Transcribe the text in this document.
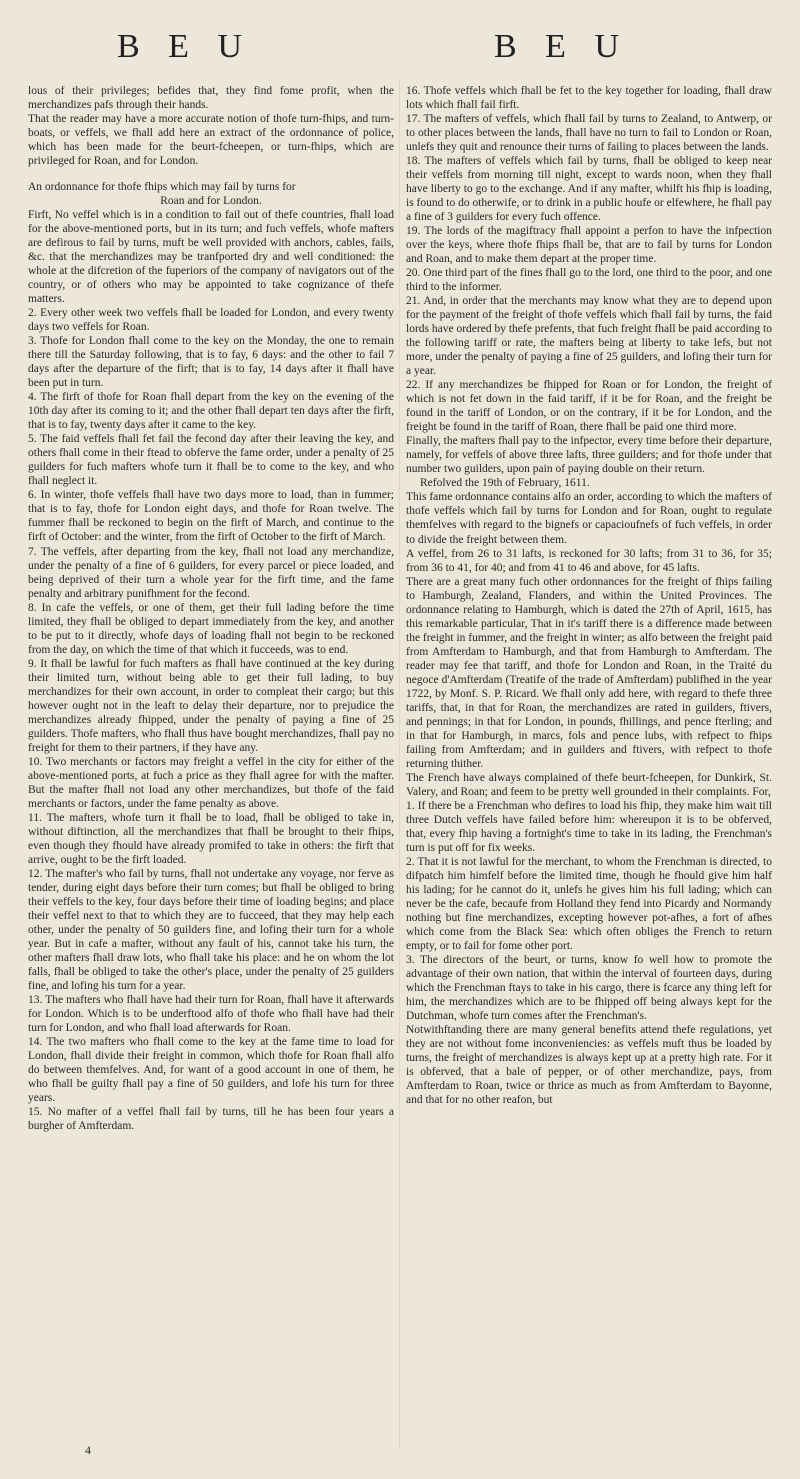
B E U	B E U

lous of their privileges; befides that, they find fome profit, when the merchandizes pafs through their hands.

That the reader may have a more accurate notion of thofe turn-fhips, and turn-boats, or veffels, we fhall add here an extract of the ordonnance of police, which has been made for the beurt-fcheepen, or turn-fhips, which are privileged for Roan, and for London.

An ordonnance for thofe fhips which may fail by turns for

Roan and for London.

Firft, No veffel which is in a condition to fail out of thefe countries, fhall load for the above-mentioned ports, but in its turn; and fuch veffels, whofe mafters are defirous to fail by turns, muft be well provided with anchors, cables, fails, &c. that the merchandizes may be tranfported dry and well conditioned: the whole at the difcretion of the fuperiors of the company of navigators out of the country, or of others who may be appointed to take cognizance of thefe matters.

2. Every other week two veffels fhall be loaded for London, and every twenty days two veffels for Roan.

3. Thofe for London fhall come to the key on the Monday, the one to remain there till the Saturday following, that is to fay, 6 days: and the other to fail 7 days after the departure of the firft; that is to fay, 14 days after it fhall have been put in turn.

4. The firft of thofe for Roan fhall depart from the key on the evening of the 10th day after its coming to it; and the other fhall depart ten days after the firft, that is to fay, twenty days after it came to the key.

5. The faid veffels fhall fet fail the fecond day after their leaving the key, and others fhall come in their ftead to obferve the fame order, under a penalty of 25 guilders for fuch mafters whofe turn it fhall be to come to the key, and who fhall neglect it.

6. In winter, thofe veffels fhall have two days more to load, than in fummer; that is to fay, thofe for London eight days, and thofe for Roan twelve. The fummer fhall be reckoned to begin on the firft of March, and continue to the firft of October: and the winter, from the firft of October to the firft of March.

7. The veffels, after departing from the key, fhall not load any merchandize, under the penalty of a fine of 6 guilders, for every parcel or piece loaded, and being deprived of their turn a whole year for the firft time, and the fame penalty and arbitrary punifhment for the fecond.

8. In cafe the veffels, or one of them, get their full lading before the time limited, they fhall be obliged to depart immediately from the key, and another to be put to it directly, whofe days of loading fhall not begin to be reckoned from the day, on which the time of that which it fucceeds, was to end.

9. It fhall be lawful for fuch mafters as fhall have continued at the key during their limited turn, without being able to get their full lading, to buy merchandizes for their own account, in order to compleat their cargo; but this however ought not in the leaft to delay their departure, nor to prejudice the merchandizes already fhipped, under the penalty of paying a fine of 25 guilders. Thofe mafters, who fhall thus have bought merchandizes, fhall pay no freight for them to their partners, if they have any.

10. Two merchants or factors may freight a veffel in the city for either of the above-mentioned ports, at fuch a price as they fhall agree for with the mafter. But the mafter fhall not load any other merchandizes, but thofe of the faid merchants or factors, under the fame penalty as above.

11. The mafters, whofe turn it fhall be to load, fhall be obliged to take in, without diftinction, all the merchandizes that fhall be brought to their fhips, even though they fhould have already promifed to take in others: the firft that arrive, ought to be the firft loaded.

12. The mafter's who fail by turns, fhall not undertake any voyage, nor ferve as tender, during eight days before their turn comes; but fhall be obliged to bring their veffels to the key, four days before their time of loading begins; and place their veffel next to that to which they are to fucceed, that they may help each other, under the penalty of 50 guilders fine, and lofing their turn for a whole year. But in cafe a mafter, without any fault of his, cannot take his turn, the other mafters fhall draw lots, who fhall take his place: and he on whom the lot falls, fhall be obliged to take the other's place, under the penalty of 25 guilders fine, and lofing his turn for a year.

13. The mafters who fhall have had their turn for Roan, fhall have it afterwards for London. Which is to be underftood alfo of thofe who fhall have had their turn for London, and who fhall load afterwards for Roan.

14. The two mafters who fhall come to the key at the fame time to load for London, fhall divide their freight in common, which thofe for Roan fhall alfo do between themfelves. And, for want of a good account in one of them, he who fhall be guilty fhall pay a fine of 50 guilders, and lofe his turn for three years.

15. No mafter of a veffel fhall fail by turns, till he has been four years a burgher of Amfterdam.

16. Thofe veffels which fhall be fet to the key together for loading, fhall draw lots which fhall fail firft.

17. The mafters of veffels, which fhall fail by turns to Zealand, to Antwerp, or to other places between the lands, fhall have no turn to fail to London or Roan, unlefs they quit and renounce their turns of failing to places between the lands.

18. The mafters of veffels which fail by turns, fhall be obliged to keep near their veffels from morning till night, except to wards noon, when they fhall have liberty to go to the exchange. And if any mafter, whilft his fhip is loading, is found to do otherwife, or to drink in a public houfe or elfewhere, he fhall pay a fine of 3 guilders for every fuch offence.

19. The lords of the magiftracy fhall appoint a perfon to have the infpection over the keys, where thofe fhips fhall be, that are to fail by turns for London and Roan, and to make them depart at the proper time.

20. One third part of the fines fhall go to the lord, one third to the poor, and one third to the informer.

21. And, in order that the merchants may know what they are to depend upon for the payment of the freight of thofe veffels which fhall fail by turns, the faid lords have ordered by thefe prefents, that fuch freight fhall be paid according to the following tariff or rate, the mafters being at liberty to take lefs, but not more, under the penalty of paying a fine of 25 guilders, and lofing their turn for a year.

22. If any merchandizes be fhipped for Roan or for London, the freight of which is not fet down in the faid tariff, if it be for Roan, and the freight be found in the tariff of London, or on the contrary, if it be for London, and the freight be found in the tariff of Roan, there fhall be paid one third more.

Finally, the mafters fhall pay to the infpector, every time before their departure, namely, for veffels of above three lafts, three guilders; and for thofe under that number two guilders, upon pain of paying double on their return.

Refolved the 19th of February, 1611.

This fame ordonnance contains alfo an order, according to which the mafters of thofe veffels which fail by turns for London and for Roan, ought to regulate themfelves with regard to the bignefs or capacioufnefs of fuch veffels, in order to divide the freight between them.

A veffel, from 26 to 31 lafts, is reckoned for 30 lafts; from 31 to 36, for 35; from 36 to 41, for 40; and from 41 to 46 and above, for 45 lafts.

There are a great many fuch other ordonnances for the freight of fhips failing to Hamburgh, Zealand, Flanders, and within the United Provinces. The ordonnance relating to Hamburgh, which is dated the 27th of April, 1615, has this remarkable particular, That in it's tariff there is a difference made between the freight in fummer, and the freight in winter; as alfo between the freight paid from Amfterdam to Hamburgh, and that from Hamburgh to Amfterdam. The reader may fee that tariff, and thofe for London and Roan, in the Traité du negoce d'Amfterdam (Treatife of the trade of Amfterdam) publifhed in the year 1722, by Monf. S. P. Ricard. We fhall only add here, with regard to thefe three tariffs, that, in that for Roan, the merchandizes are rated in guilders, ftivers, and pennings; in that for London, in pounds, fhillings, and pence fterling; and in that for Hamburgh, in marcs, fols and pence lubs, with refpect to fhips failing from Amfterdam; and in guilders and ftivers, with refpect to thofe returning thither.

The French have always complained of thefe beurt-fcheepen, for Dunkirk, St. Valery, and Roan; and feem to be pretty well grounded in their complaints. For,

1. If there be a Frenchman who defires to load his fhip, they make him wait till three Dutch veffels have failed before him: whereupon it is to be obferved, that, every fhip having a fortnight's time to take in its lading, the Frenchman's turn is put off for fix weeks.

2. That it is not lawful for the merchant, to whom the Frenchman is directed, to difpatch him himfelf before the limited time, though he fhould give him half his lading; for he cannot do it, unlefs he gives him his full lading; which can never be the cafe, becaufe from Holland they fend into Picardy and Normandy nothing but fine merchandizes, excepting however pot-afhes, a fort of afhes which come from the Black Sea: which often obliges the French to return empty, or to fail for fome other port.

3. The directors of the beurt, or turns, know fo well how to promote the advantage of their own nation, that within the interval of fourteen days, during which the Frenchman ftays to take in his cargo, there is fcarce any thing left for him, the merchandizes which are to be fhipped off being always kept for the Dutchman, whofe turn comes after the Frenchman's.

Notwithftanding there are many general benefits attend thefe regulations, yet they are not without fome inconveniencies: as veffels muft thus be loaded by turns, the freight of merchandizes is always kept up at a pretty high rate. For it is obferved, that a bale of pepper, or of other merchandize, pays, from Amfterdam to Roan, twice or thrice as much as from Amfterdam to Bayonne, and that for no other reafon, but

4
